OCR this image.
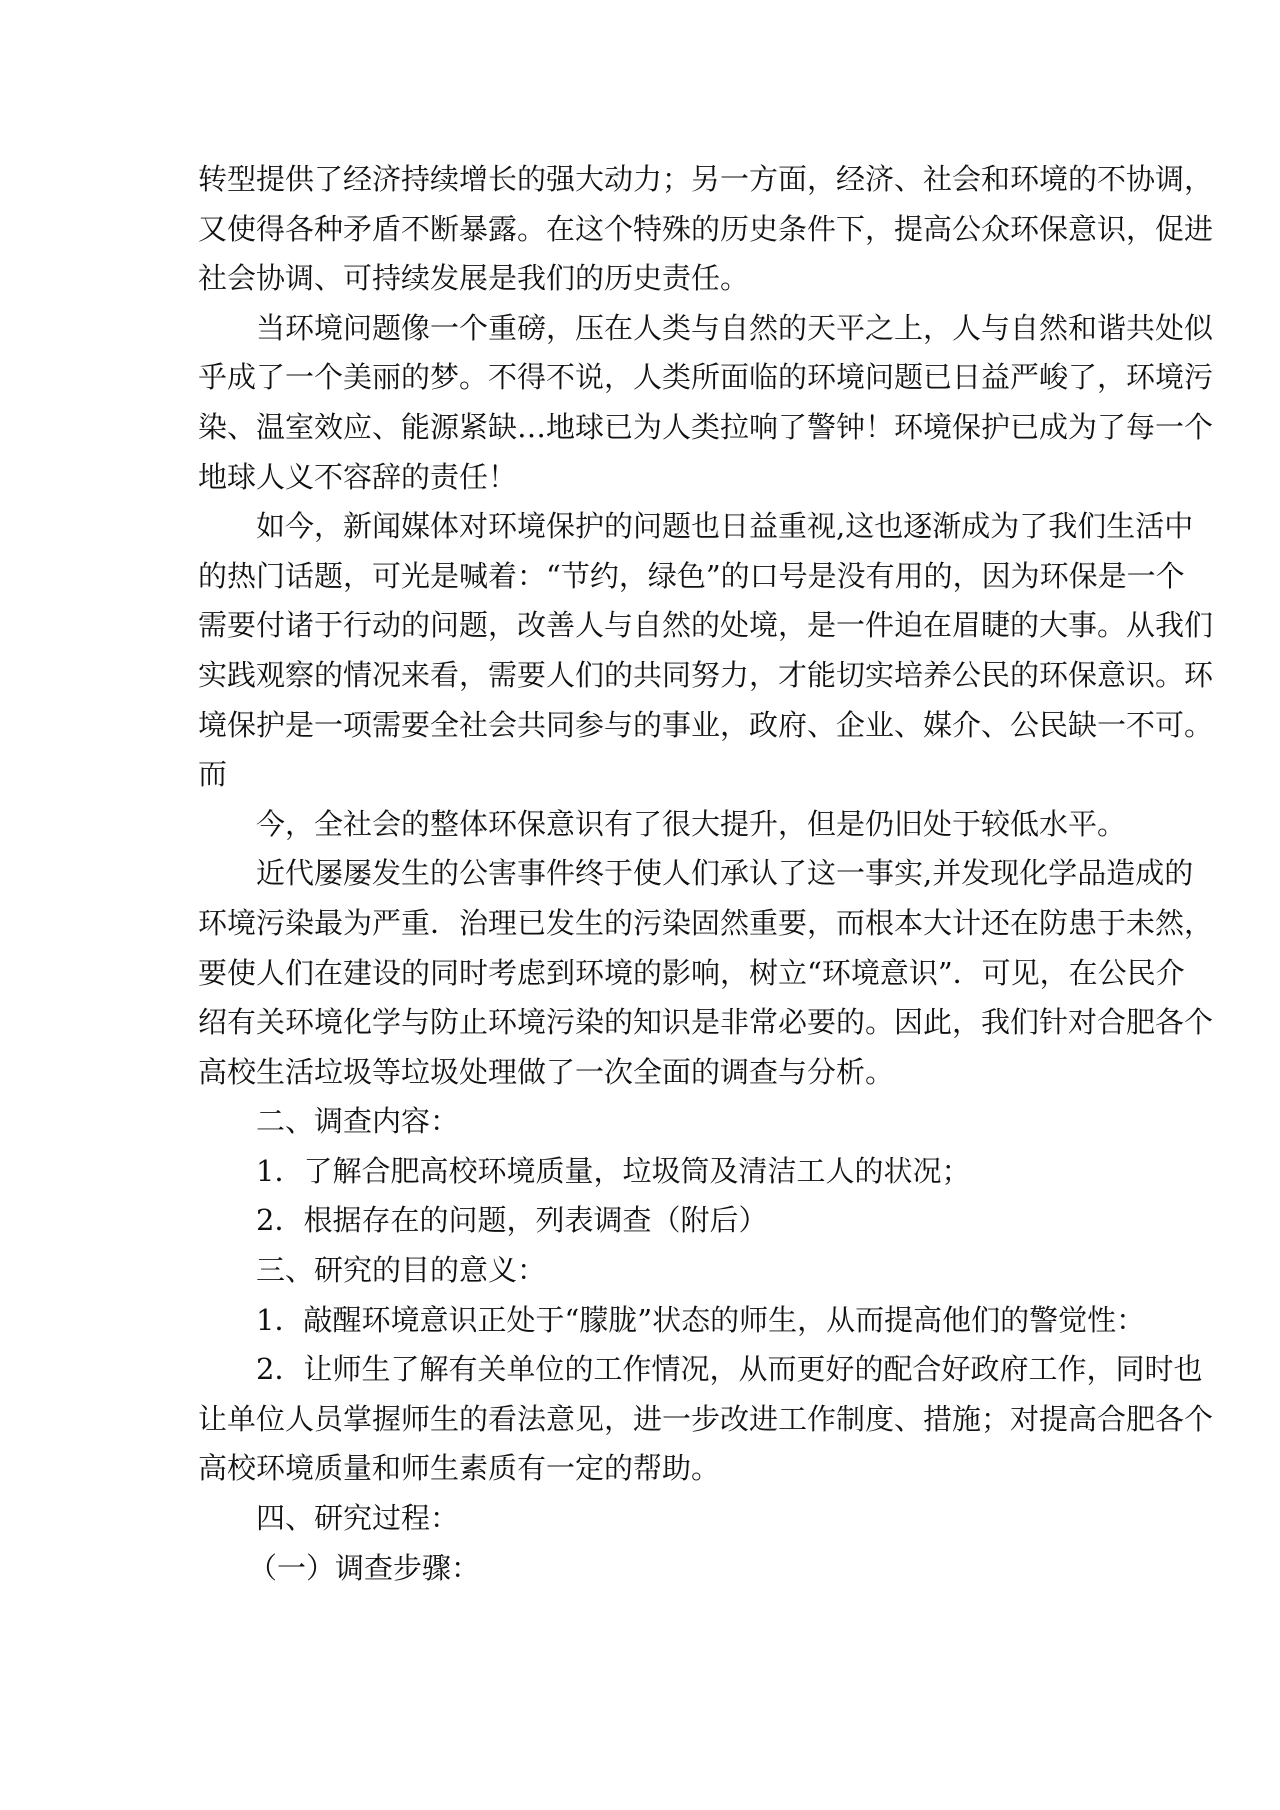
转型提供了经济持续增长的强大动力；另一方面，经济、社会和环境的不协调，
又使得各种矛盾不断暴露。在这个特殊的历史条件下，提高公众环保意识，促进
社会协调、可持续发展是我们的历史责任。
当环境问题像一个重磅，压在人类与自然的天平之上，人与自然和谐共处似
乎成了一个美丽的梦。不得不说，人类所面临的环境问题已日益严峻了，环境污
染、温室效应、能源紧缺…地球已为人类拉响了警钟！环境保护已成为了每一个
地球人义不容辞的责任！
如今，新闻媒体对环境保护的问题也日益重视,这也逐渐成为了我们生活中
的热门话题，可光是喊着：“节约，绿色”的口号是没有用的，因为环保是一个
需要付诸于行动的问题，改善人与自然的处境，是一件迫在眉睫的大事。从我们
实践观察的情况来看，需要人们的共同努力，才能切实培养公民的环保意识。环
境保护是一项需要全社会共同参与的事业，政府、企业、媒介、公民缺一不可。
而
今，全社会的整体环保意识有了很大提升，但是仍旧处于较低水平。
近代屡屡发生的公害事件终于使人们承认了这一事实,并发现化学品造成的
环境污染最为严重．治理已发生的污染固然重要，而根本大计还在防患于未然，
要使人们在建设的同时考虑到环境的影响，树立“环境意识”．可见，在公民介
绍有关环境化学与防止环境污染的知识是非常必要的。因此，我们针对合肥各个
高校生活垃圾等垃圾处理做了一次全面的调查与分析。
二、调查内容：
1．了解合肥高校环境质量，垃圾筒及清洁工人的状况；
2．根据存在的问题，列表调查（附后）
三、研究的目的意义：
1．敲醒环境意识正处于“朦胧”状态的师生，从而提高他们的警觉性：
2．让师生了解有关单位的工作情况，从而更好的配合好政府工作，同时也
让单位人员掌握师生的看法意见，进一步改进工作制度、措施；对提高合肥各个
高校环境质量和师生素质有一定的帮助。
四、研究过程：
（一）调查步骤：
